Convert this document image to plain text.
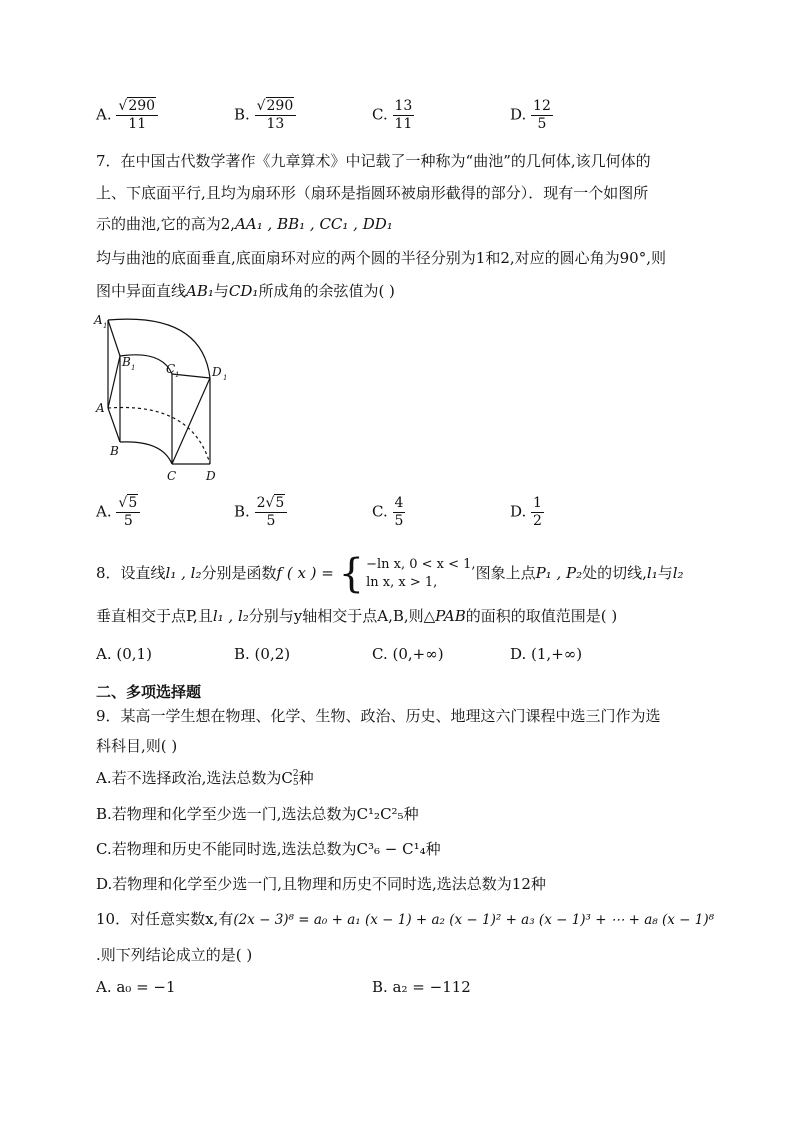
A. $\frac{√290}{11}$	B. $\frac{√290}{13}$	C. $\frac{13}{11}$	D. $\frac{12}{5}$
7．在中国古代数学著作《九章算术》中记载了一种称为“曲池”的几何体,该几何体的
上、下底面平行,且均为扇环形（扇环是指圆环被扇形截得的部分）．现有一个如图所
示的曲池,它的高为2,AA₁ , BB₁ , CC₁ , DD₁
均与曲池的底面垂直,底面扇环对应的两个圆的半径分别为1和2,对应的圆心角为90°,则
图中异面直线AB₁与CD₁所成角的余弦值为( )
A 1
B 1	C 1	D 1
A
B
C D
A. $\frac{√5}{5}$	B. $\frac{2√5}{5}$	C. $\frac{4}{5}$	D. $\frac{1}{2}$
8．设直线l₁ , l₂分别是函数f ( x ) = { −ln x, 0 < x < 1,
ln x, x > 1,
图象上点P₁ , P₂处的切线,l₁与l₂
垂直相交于点P,且l₁ , l₂分别与y轴相交于点A,B,则△PAB的面积的取值范围是( )
A. (0,1)	B. (0,2)	C. (0,+∞)	D. (1,+∞)
二、多项选择题
9．某高一学生想在物理、化学、生物、政治、历史、地理这六门课程中选三门作为选
科科目,则( )
A.若不选择政治,选法总数为C 2
5 种
B.若物理和化学至少选一门,选法总数为C¹₂C²₅种
C.若物理和历史不能同时选,选法总数为C³₆ − C¹₄种
D.若物理和化学至少选一门,且物理和历史不同时选,选法总数为12种
10．对任意实数x,有(2x − 3)⁸ = a₀ + a₁ (x − 1) + a₂ (x − 1)² + a₃ (x − 1)³ + ⋯ + a₈ (x − 1)⁸
.则下列结论成立的是( )
A. a₀ = −1	B. a₂ = −112
